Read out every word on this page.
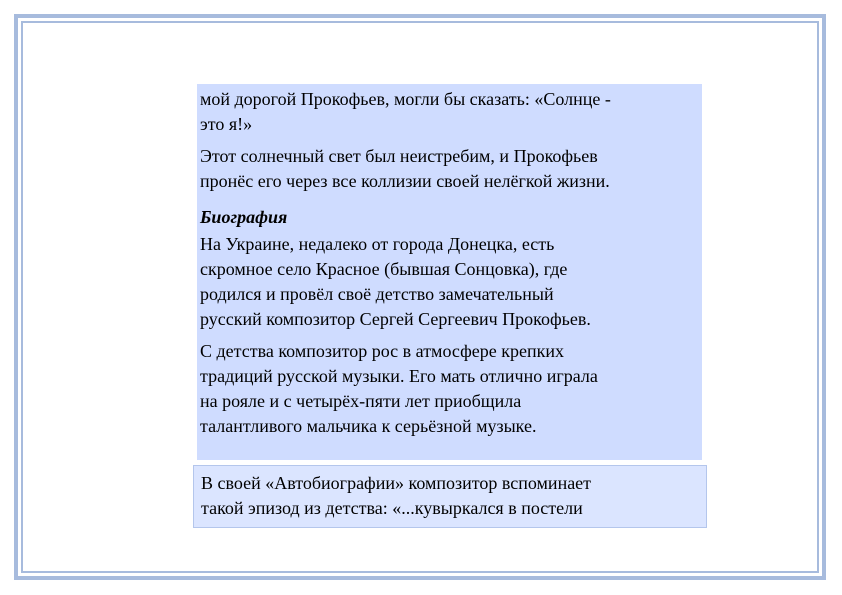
мой дорогой Прокофьев, могли бы сказать: «Солнце -
это я!»

Этот солнечный свет был неистребим, и Прокофьев
пронёс его через все коллизии своей нелёгкой жизни.

Биография

На Украине, недалеко от города Донецка, есть
скромное село Красное (бывшая Сонцовка), где
родился и провёл своё детство замечательный
русский композитор Сергей Сергеевич Прокофьев.

С детства композитор рос в атмосфере крепких
традиций русской музыки. Его мать отлично играла
на рояле и с четырёх-пяти лет приобщила
талантливого мальчика к серьёзной музыке.

В своей «Автобиографии» композитор вспоминает
такой эпизод из детства: «...кувыркался в постели
